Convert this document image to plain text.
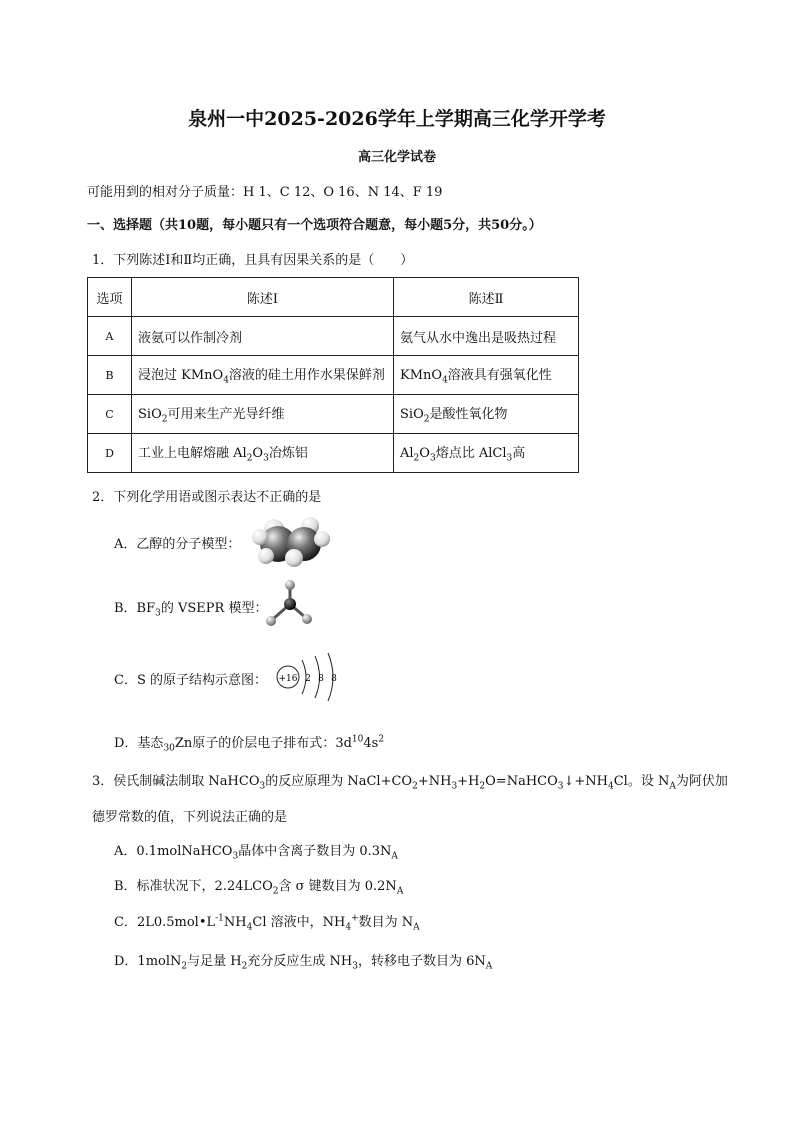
泉州一中2025-2026学年上学期高三化学开学考
高三化学试卷
可能用到的相对分子质量：H 1、C 12、O 16、N 14、F 19
一、选择题（共10题，每小题只有一个选项符合题意，每小题5分，共50分。）
1．下列陈述Ⅰ和Ⅱ均正确，且具有因果关系的是（　　）
选项	陈述Ⅰ	陈述Ⅱ
A	液氨可以作制冷剂	氨气从水中逸出是吸热过程
B	浸泡过 KMnO$_4$溶液的硅土用作水果保鲜剂	KMnO$_4$溶液具有强氧化性
C	SiO$_2$可用来生产光导纤维	SiO$_2$是酸性氧化物
D	工业上电解熔融 $Al_2O_3$冶炼铝	$Al_2O_3$熔点比 AlCl$_3$高
2．下列化学用语或图示表达不正确的是
A．乙醇的分子模型：
B．$BF_3$的 VSEPR 模型：
C．S 的原子结构示意图： +16 2 8 8
D．基态$_{30}$Zn原子的价层电子排布式：$3d^{10}4s^2$
3．侯氏制碱法制取 NaHCO$_3$的反应原理为 $NaCl+CO_2+NH_3+H_2O=NaHCO_3↓+NH_4Cl$。设 $N_A$为阿伏加
德罗常数的值，下列说法正确的是
A．0.1molNaHCO$_3$晶体中含离子数目为 $0.3N_A$
B．标准状况下，$2.24LCO_2$含 σ 键数目为 $0.2N_A$
C．$2L0.5mol•L^{-1}NH_4Cl$ 溶液中，$NH_4^+$数目为 $N_A$
D．1molN$_2$与足量 $H_2$充分反应生成 $NH_3$，转移电子数目为 $6N_A$
